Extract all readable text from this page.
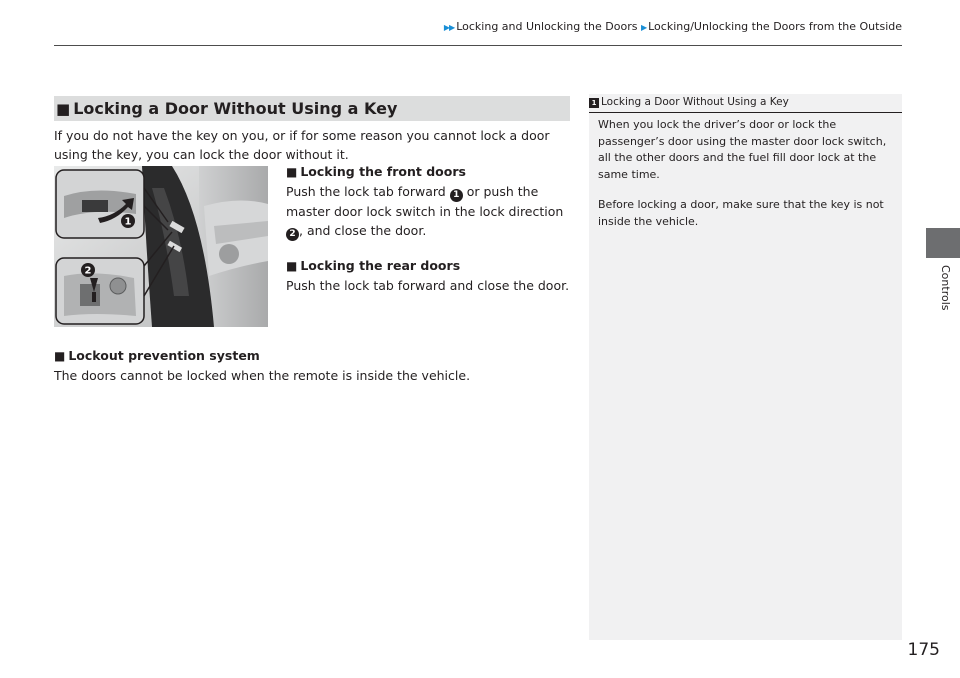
▶▶ Locking and Unlocking the Doors ▶ Locking/Unlocking the Doors from the Outside
Controls
■ Locking a Door Without Using a Key
If you do not have the key on you, or if for some reason you cannot lock a door using the key, you can lock the door without it.
1
2
■ Locking the front doors
Push the lock tab forward 1 or push the master door lock switch in the lock direction
2 , and close the door.
■ Locking the rear doors
Push the lock tab forward and close the door.
■ Lockout prevention system
The doors cannot be locked when the remote is inside the vehicle.
1 Locking a Door Without Using a Key
When you lock the driver’s door or lock the passenger’s door using the master door lock switch, all the other doors and the fuel fill door lock at the same time.
Before locking a door, make sure that the key is not inside the vehicle.
175
